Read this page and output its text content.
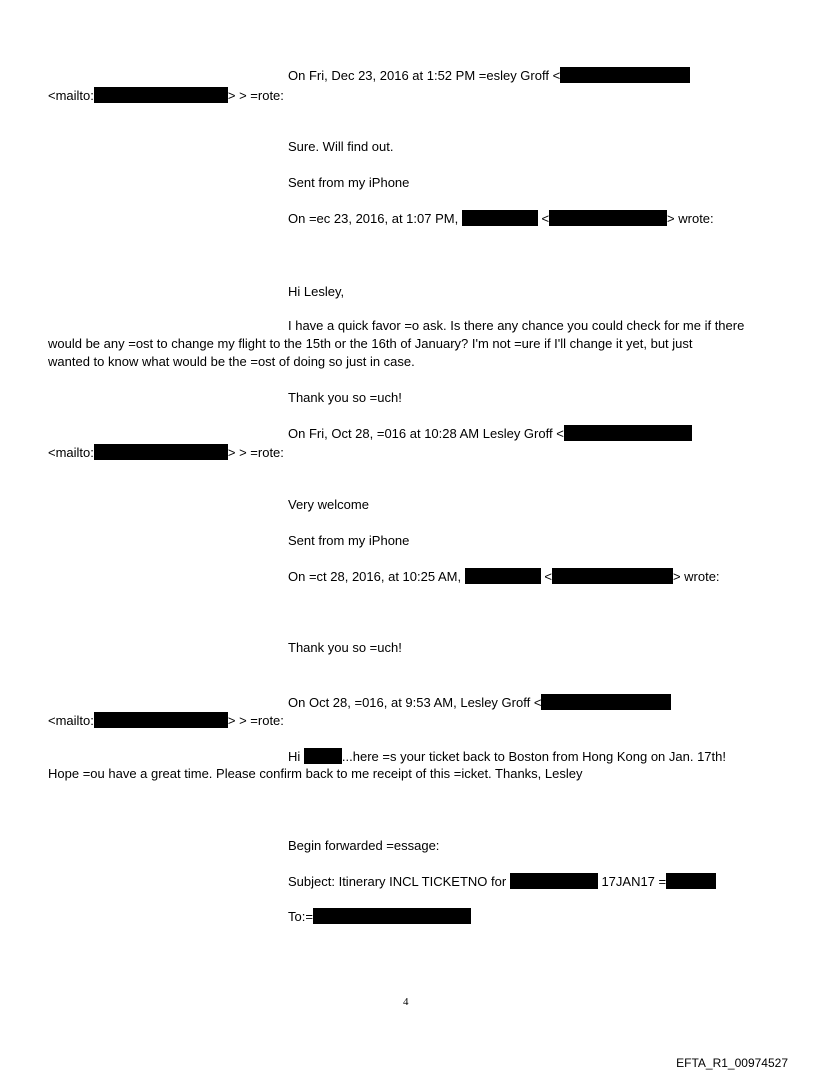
On Fri, Dec 23, 2016 at 1:52 PM =esley Groff <
<mailto:	> > =rote:
Sure. Will find out.
Sent from my iPhone
On =ec 23, 2016, at 1:07 PM,	<	> wrote:
Hi Lesley,
I have a quick favor =o ask. Is there any chance you could check for me if there
would be any =ost to change my flight to the 15th or the 16th of January? I'm not =ure if I'll change it yet, but just
wanted to know what would be the =ost of doing so just in case.
Thank you so =uch!
On Fri, Oct 28, =016 at 10:28 AM Lesley Groff <
<mailto:	> > =rote:
Very welcome
Sent from my iPhone
On =ct 28, 2016, at 10:25 AM,	<	> wrote:
Thank you so =uch!
On Oct 28, =016, at 9:53 AM, Lesley Groff <
<mailto:	> > =rote:
Hi	...here =s your ticket back to Boston from Hong Kong on Jan. 17th!
Hope =ou have a great time. Please confirm back to me receipt of this =icket. Thanks, Lesley
Begin forwarded =essage:
Subject: Itinerary INCL TICKETNO for	17JAN17 =
To:=
4
EFTA_R1_00974527
